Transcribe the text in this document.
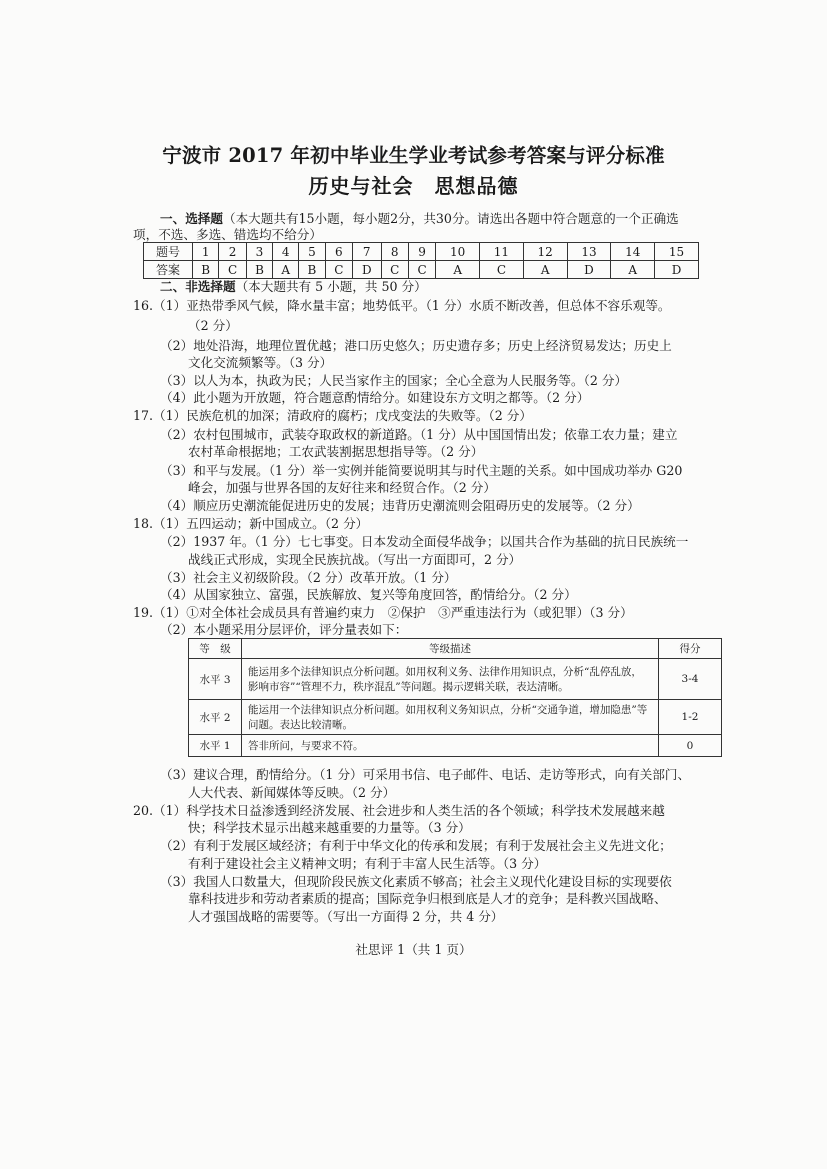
宁波市 2017 年初中毕业生学业考试参考答案与评分标准
历史与社会　思想品德
一、选择题（本大题共有15小题，每小题2分，共30分。请选出各题中符合题意的一个正确选
项，不选、多选、错选均不给分）
题号	1	2	3	4	5	6	7	8	9	10	11	12	13	14	15
答案	B	C	B	A	B	C	D	C	C	A	C	A	D	A	D
二、非选择题（本大题共有 5 小题，共 50 分）
16.（1）亚热带季风气候，降水量丰富；地势低平。（1 分）水质不断改善，但总体不容乐观等。
（2 分）
（2）地处沿海，地理位置优越；港口历史悠久；历史遗存多；历史上经济贸易发达；历史上
文化交流频繁等。（3 分）
（3）以人为本，执政为民；人民当家作主的国家；全心全意为人民服务等。（2 分）
（4）此小题为开放题，符合题意酌情给分。如建设东方文明之都等。（2 分）
17.（1）民族危机的加深；清政府的腐朽；戊戌变法的失败等。（2 分）
（2）农村包围城市，武装夺取政权的新道路。（1 分）从中国国情出发；依靠工农力量；建立
农村革命根据地；工农武装割据思想指导等。（2 分）
（3）和平与发展。（1 分）举一实例并能简要说明其与时代主题的关系。如中国成功举办 G20
峰会，加强与世界各国的友好往来和经贸合作。（2 分）
（4）顺应历史潮流能促进历史的发展；违背历史潮流则会阻碍历史的发展等。（2 分）
18.（1）五四运动；新中国成立。（2 分）
（2）1937 年。（1 分）七七事变。日本发动全面侵华战争；以国共合作为基础的抗日民族统一
战线正式形成，实现全民族抗战。（写出一方面即可，2 分）
（3）社会主义初级阶段。（2 分）改革开放。（1 分）
（4）从国家独立、富强，民族解放、复兴等角度回答，酌情给分。（2 分）
19.（1）①对全体社会成员具有普遍约束力　②保护　③严重违法行为（或犯罪）（3 分）
（2）本小题采用分层评价，评分量表如下：
等　级	等级描述	得分
水平 3	能运用多个法律知识点分析问题。如用权利义务、法律作用知识点，分析“乱停乱放，影响市容”“管理不力，秩序混乱”等问题。揭示逻辑关联，表达清晰。	3-4
水平 2	能运用一个法律知识点分析问题。如用权利义务知识点，分析“交通争道，增加隐患”等问题。表达比较清晰。	1-2
水平 1	答非所问，与要求不符。	0
（3）建议合理，酌情给分。（1 分）可采用书信、电子邮件、电话、走访等形式，向有关部门、
人大代表、新闻媒体等反映。（2 分）
20.（1）科学技术日益渗透到经济发展、社会进步和人类生活的各个领域；科学技术发展越来越
快；科学技术显示出越来越重要的力量等。（3 分）
（2）有利于发展区域经济；有利于中华文化的传承和发展；有利于发展社会主义先进文化；
有利于建设社会主义精神文明；有利于丰富人民生活等。（3 分）
（3）我国人口数量大，但现阶段民族文化素质不够高；社会主义现代化建设目标的实现要依
靠科技进步和劳动者素质的提高；国际竞争归根到底是人才的竞争；是科教兴国战略、
人才强国战略的需要等。（写出一方面得 2 分，共 4 分）
社思评 1（共 1 页）
